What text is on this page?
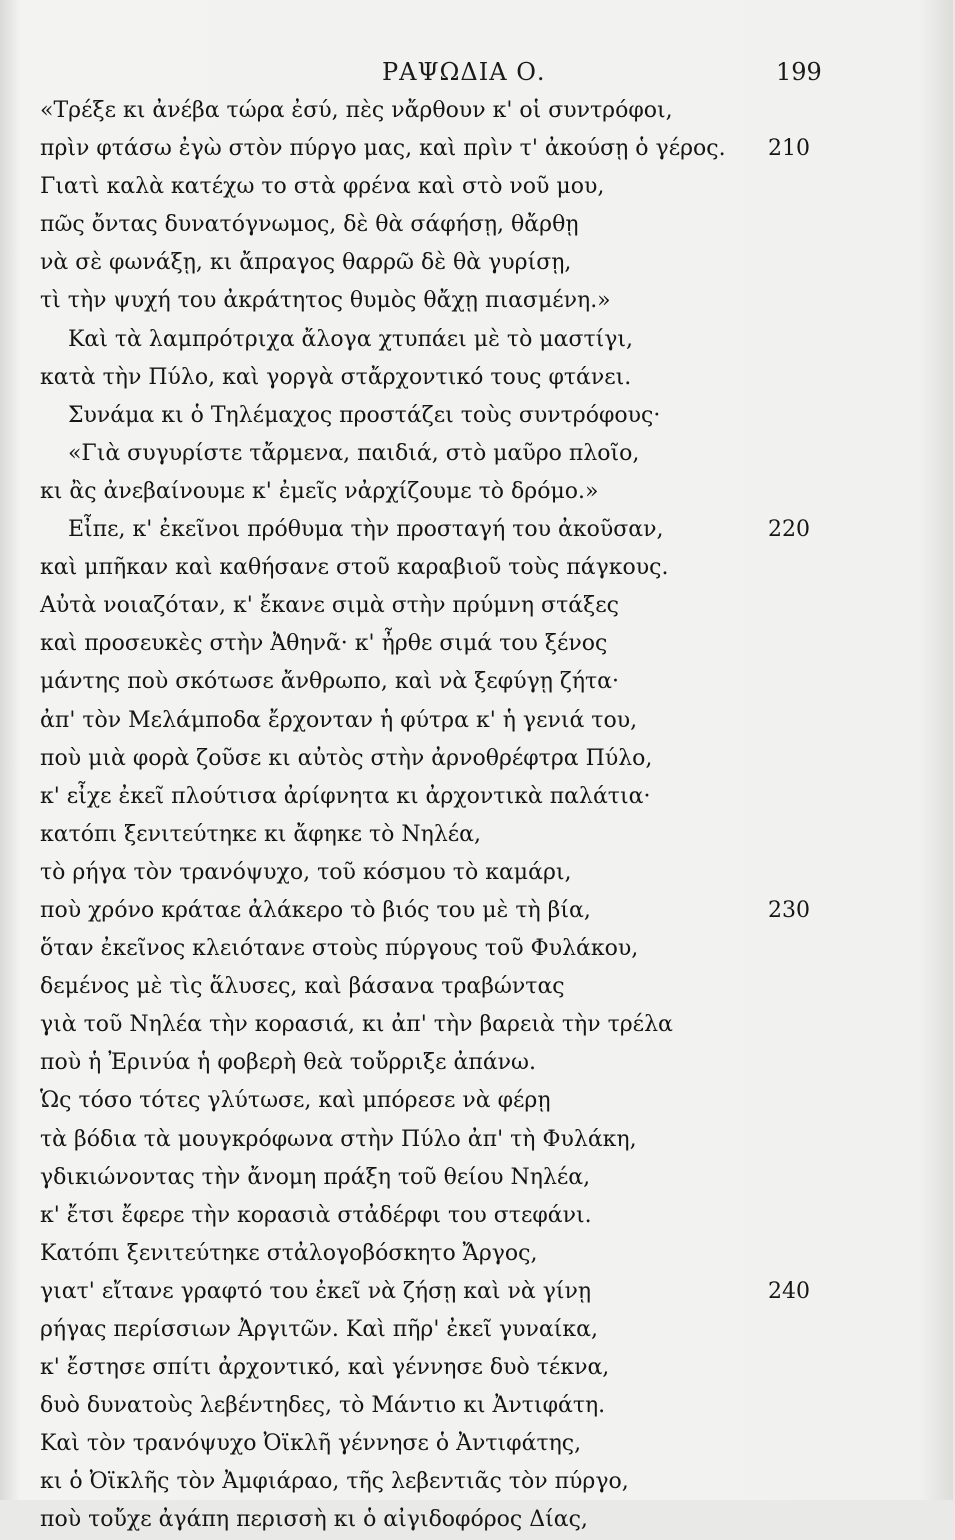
ΡΑΨΩΔΙΑ Ο.	199
«Τρέξε κι ἀνέβα τώρα ἐσύ, πὲς νἄρθουν κ' οἱ συντρόφοι,
πρὶν φτάσω ἐγὼ στὸν πύργο μας, καὶ πρὶν τ' ἀκούσῃ ὁ γέρος. 210
Γιατὶ καλὰ κατέχω το στὰ φρένα καὶ στὸ νοῦ μου,
πῶς ὄντας δυνατόγνωμος, δὲ θὰ σάφήσῃ, θἄρθῃ
νὰ σὲ φωνάξῃ, κι ἄπραγος θαρρῶ δὲ θὰ γυρίσῃ,
τὶ τὴν ψυχή του ἀκράτητος θυμὸς θἄχῃ πιασμένη.»
Καὶ τὰ λαμπρότριχα ἄλογα χτυπάει μὲ τὸ μαστίγι,
κατὰ τὴν Πύλο, καὶ γοργὰ στἄρχοντικό τους φτάνει.
Συνάμα κι ὁ Τηλέμαχος προστάζει τοὺς συντρόφους·
«Γιὰ συγυρίστε τἄρμενα, παιδιά, στὸ μαῦρο πλοῖο,
κι ἂς ἀνεβαίνουμε κ' ἐμεῖς νἀρχίζουμε τὸ δρόμο.»
Εἶπε, κ' ἐκεῖνοι πρόθυμα τὴν προσταγή του ἀκοῦσαν,	220
καὶ μπῆκαν καὶ καθήσανε στοῦ καραβιοῦ τοὺς πάγκους.
Αὐτὰ νοιαζόταν, κ' ἔκανε σιμὰ στὴν πρύμνη στάξες
καὶ προσευκὲς στὴν Ἀθηνᾶ· κ' ἦρθε σιμά του ξένος
μάντης ποὺ σκότωσε ἄνθρωπο, καὶ νὰ ξεφύγῃ ζήτα·
ἀπ' τὸν Μελάμποδα ἔρχονταν ἡ φύτρα κ' ἡ γενιά του,
ποὺ μιὰ φορὰ ζοῦσε κι αὐτὸς στὴν ἀρνοθρέφτρα Πύλο,
κ' εἶχε ἐκεῖ πλούτισα ἀρίφνητα κι ἀρχοντικὰ παλάτια·
κατόπι ξενιτεύτηκε κι ἄφηκε τὸ Νηλέα,
τὸ ρήγα τὸν τρανόψυχο, τοῦ κόσμου τὸ καμάρι,
ποὺ χρόνο κράταε ἀλάκερο τὸ βιός του μὲ τὴ βία,	230
ὅταν ἐκεῖνος κλειότανε στοὺς πύργους τοῦ Φυλάκου,
δεμένος μὲ τὶς ἅλυσες, καὶ βάσανα τραβώντας
γιὰ τοῦ Νηλέα τὴν κορασιά, κι ἀπ' τὴν βαρειὰ τὴν τρέλα
ποὺ ἡ Ἐρινύα ἡ φοβερὴ θεὰ τοὔρριξε ἀπάνω.
Ὡς τόσο τότες γλύτωσε, καὶ μπόρεσε νὰ φέρῃ
τὰ βόδια τὰ μουγκρόφωνα στὴν Πύλο ἀπ' τὴ Φυλάκη,
γδικιώνοντας τὴν ἄνομη πράξη τοῦ θείου Νηλέα,
κ' ἔτσι ἔφερε τὴν κορασιὰ στἀδέρφι του στεφάνι.
Κατόπι ξενιτεύτηκε στἀλογοβόσκητο Ἄργος,
γιατ' εἴτανε γραφτό του ἐκεῖ νὰ ζήσῃ καὶ νὰ γίνῃ	240
ρήγας περίσσιων Ἀργιτῶν. Καὶ πῆρ' ἐκεῖ γυναίκα,
κ' ἔστησε σπίτι ἀρχοντικό, καὶ γέννησε δυὸ τέκνα,
δυὸ δυνατοὺς λεβέντηδες, τὸ Μάντιο κι Ἀντιφάτη.
Καὶ τὸν τρανόψυχο Ὀϊκλῆ γέννησε ὁ Ἀντιφάτης,
κι ὁ Ὀϊκλῆς τὸν Ἀμφιάραο, τῆς λεβεντιᾶς τὸν πύργο,
ποὺ τοὔχε ἀγάπη περισσὴ κι ὁ αἰγιδοφόρος Δίας,
